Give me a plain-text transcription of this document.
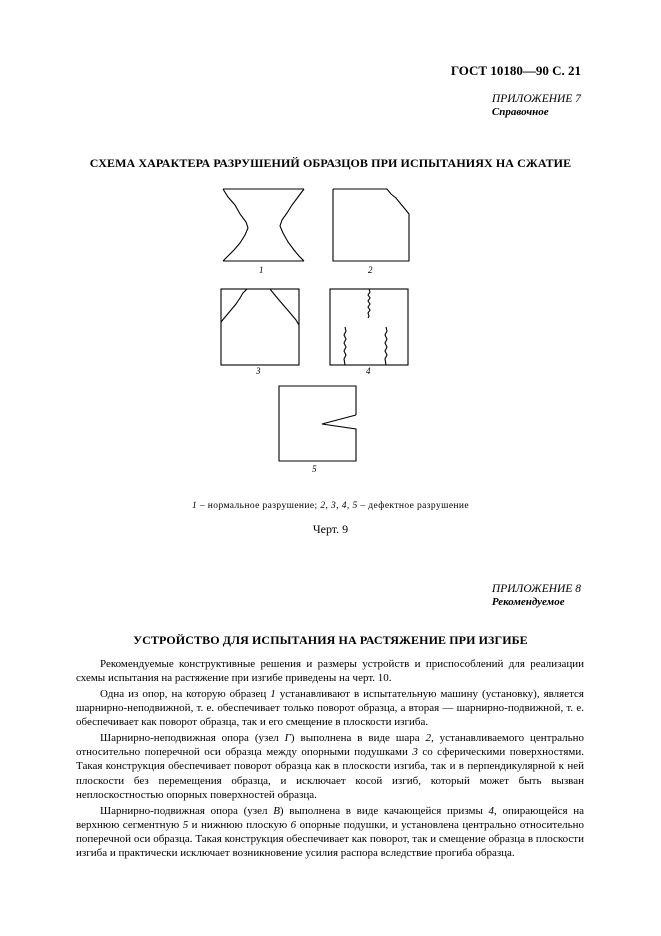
ГОСТ 10180—90 С. 21
ПРИЛОЖЕНИЕ 7
Справочное
СХЕМА ХАРАКТЕРА РАЗРУШЕНИЙ ОБРАЗЦОВ ПРИ ИСПЫТАНИЯХ НА СЖАТИЕ
1	2
3	4
5
1 – нормальное разрушение; 2, 3, 4, 5 – дефектное разрушение
Черт. 9
ПРИЛОЖЕНИЕ 8
Рекомендуемое
УСТРОЙСТВО ДЛЯ ИСПЫТАНИЯ НА РАСТЯЖЕНИЕ ПРИ ИЗГИБЕ

Рекомендуемые конструктивные решения и размеры устройств и приспособлений для реализации схемы испытания на растяжение при изгибе приведены на черт. 10.

Одна из опор, на которую образец 1 устанавливают в испытательную машину (установку), является шарнирно-неподвижной, т. е. обеспечивает только поворот образца, а вторая — шарнирно-подвижной, т. е. обеспечивает как поворот образца, так и его смещение в плоскости изгиба.

Шарнирно-неподвижная опора (узел Г) выполнена в виде шара 2, устанавливаемого центрально относительно поперечной оси образца между опорными подушками 3 со сферическими поверхностями. Такая конструкция обеспечивает поворот образца как в плоскости изгиба, так и в перпендикулярной к ней плоскости без перемещения образца, и исключает косой изгиб, который может быть вызван неплоскостностью опорных поверхностей образца.

Шарнирно-подвижная опора (узел В) выполнена в виде качающейся призмы 4, опирающейся на верхнюю сегментную 5 и нижнюю плоскую 6 опорные подушки, и установлена центрально относительно поперечной оси образца. Такая конструкция обеспечивает как поворот, так и смещение образца в плоскости изгиба и практически исключает возникновение усилия распора вследствие прогиба образца.
